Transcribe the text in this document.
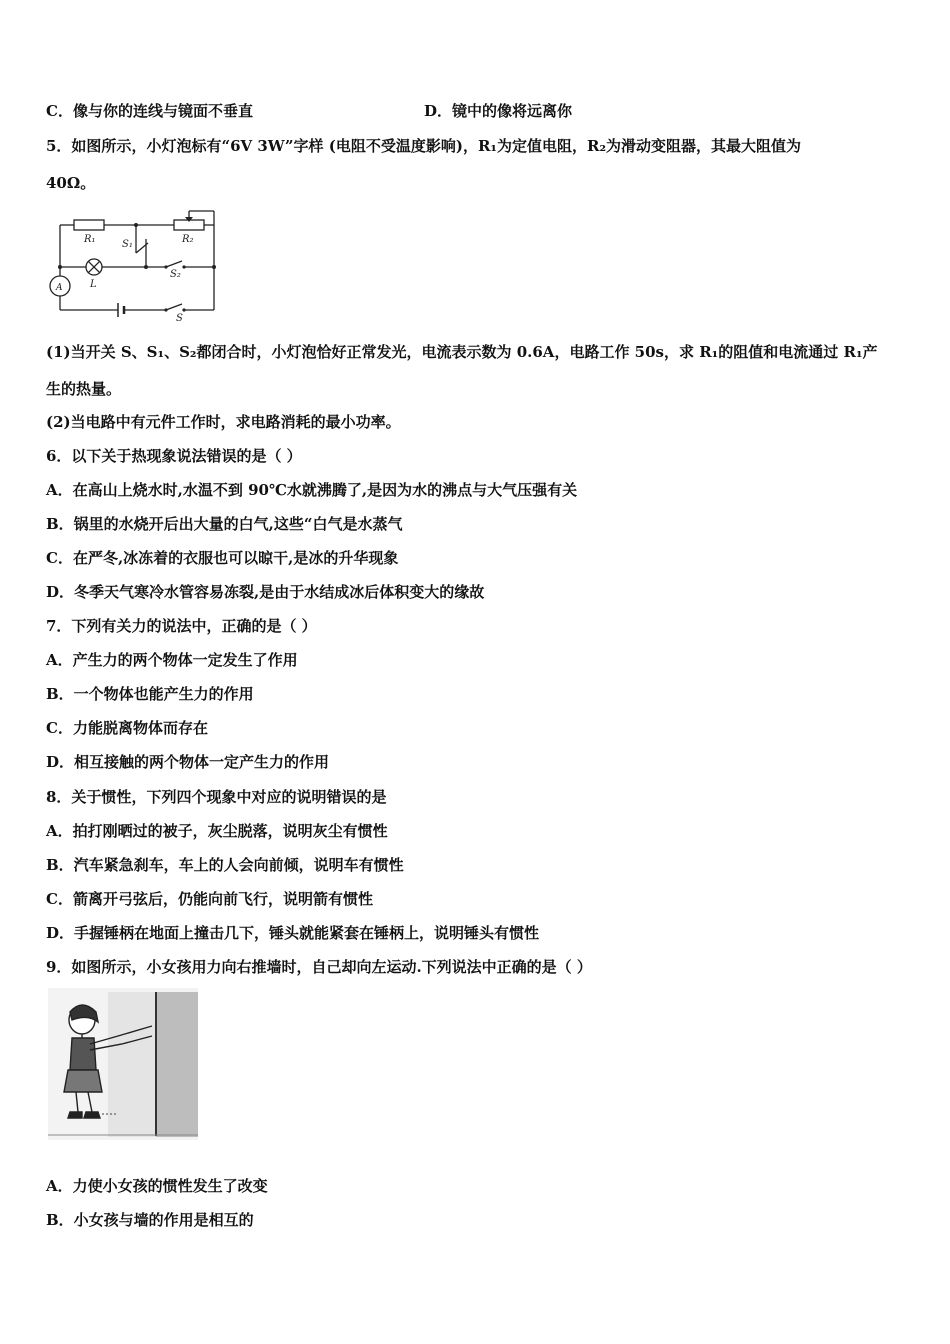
C．像与你的连线与镜面不垂直	D．镜中的像将远离你
5．如图所示，小灯泡标有“6V 3W”字样 (电阻不受温度影响)，R₁为定值电阻，R₂为滑动变阻器，其最大阻值为
40Ω。
R₁	R₂
S₁
S₂
L
A
S
(1)当开关 S、S₁、S₂都闭合时，小灯泡恰好正常发光，电流表示数为 0.6A，电路工作 50s，求 R₁的阻值和电流通过 R₁产
生的热量。
(2)当电路中有元件工作时，求电路消耗的最小功率。
6．以下关于热现象说法错误的是（ ）
A．在高山上烧水时,水温不到 90℃水就沸腾了,是因为水的沸点与大气压强有关
B．锅里的水烧开后出大量的白气,这些“白气是水蒸气
C．在严冬,冰冻着的衣服也可以晾干,是冰的升华现象
D．冬季天气寒冷水管容易冻裂,是由于水结成冰后体积变大的缘故
7．下列有关力的说法中，正确的是（ ）
A．产生力的两个物体一定发生了作用
B．一个物体也能产生力的作用
C．力能脱离物体而存在
D．相互接触的两个物体一定产生力的作用
8．关于惯性，下列四个现象中对应的说明错误的是
A．拍打刚晒过的被子，灰尘脱落，说明灰尘有惯性
B．汽车紧急刹车，车上的人会向前倾，说明车有惯性
C．箭离开弓弦后，仍能向前飞行，说明箭有惯性
D．手握锤柄在地面上撞击几下，锤头就能紧套在锤柄上，说明锤头有惯性
9．如图所示，小女孩用力向右推墙时，自己却向左运动.下列说法中正确的是（ ）
A．力使小女孩的惯性发生了改变
B．小女孩与墙的作用是相互的
